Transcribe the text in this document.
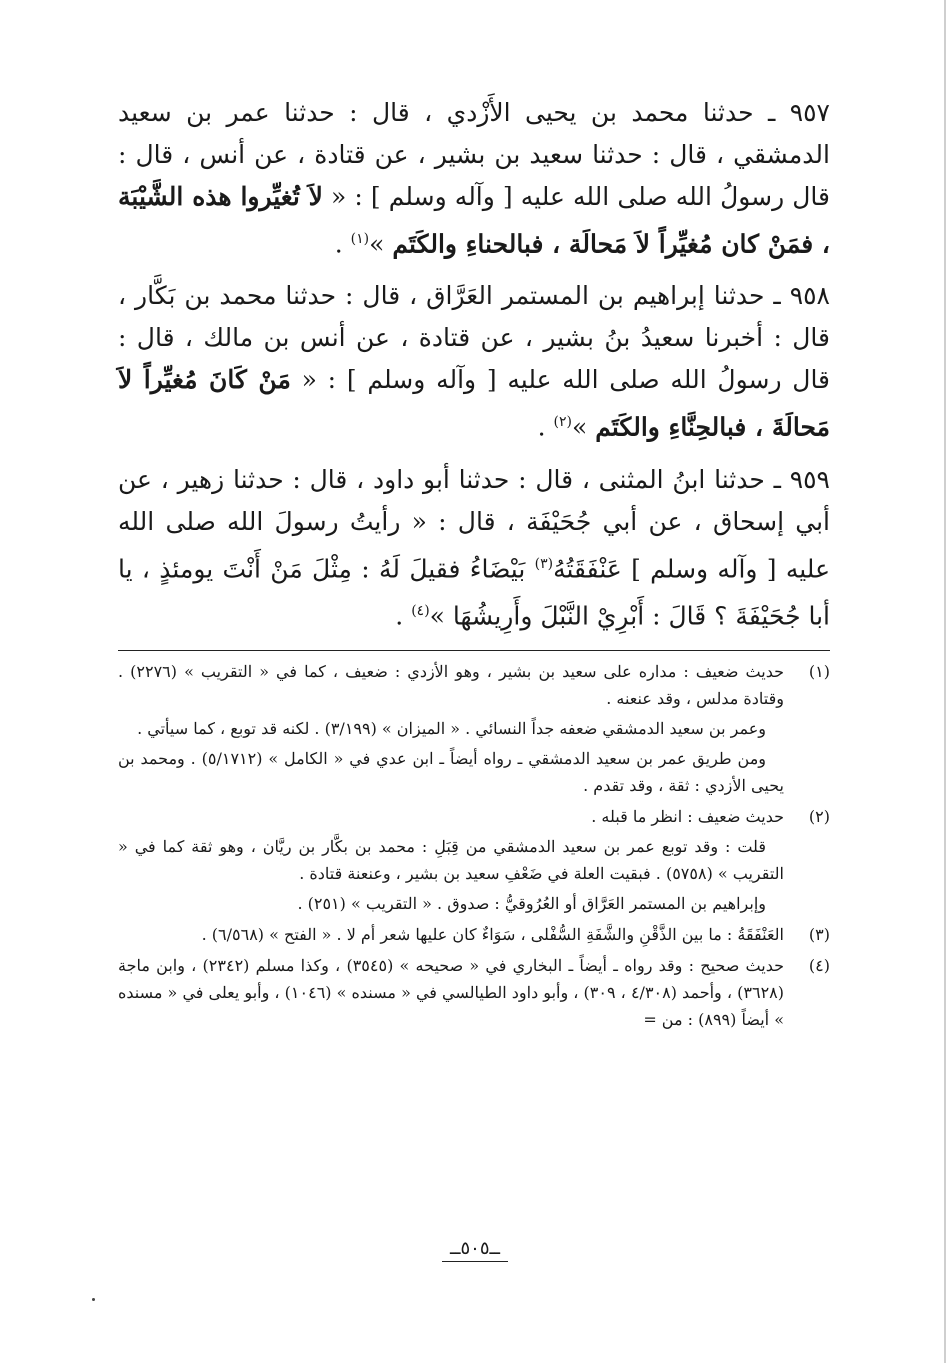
٩٥٧ ـ حدثنا محمد بن يحيى الأَزْدي ، قال : حدثنا عمر بن سعيد الدمشقي ، قال : حدثنا سعيد بن بشير ، عن قتادة ، عن أنس ، قال : قال رسولُ الله صلى الله عليه [ وآله وسلم ] : « لاَ تُغيِّروا هذه الشَّيْبَة ، فمَنْ كان مُغيِّراً لاَ مَحالَة ، فبالحناءِ والكَتَم »$^{(١)}$ .

٩٥٨ ـ حدثنا إبراهيم بن المستمر العَرَّاق ، قال : حدثنا محمد بن بَكَّار ، قال : أخبرنا سعيدُ بنُ بشير ، عن قتادة ، عن أنس بن مالك ، قال : قال رسولُ الله صلى الله عليه [ وآله وسلم ] : « مَنْ كَانَ مُغيِّراً لاَ مَحالَةَ ، فبالحِنَّاءِ والكَتَم »$^{(٢)}$ .

٩٥٩ ـ حدثنا ابنُ المثنى ، قال : حدثنا أبو داود ، قال : حدثنا زهير ، عن أبي إسحاق ، عن أبي جُحَيْفَة ، قال : « رأيتُ رسولَ الله صلى الله عليه [ وآله وسلم ] عَنْفَقَتُهُ$^{(٣)}$ بَيْضَاءُ فقيلَ لَهُ : مِثْلَ مَنْ أَنْتَ يومئذٍ ، يا أبا جُحَيْفَةَ ؟ قَالَ : أَبْرِيْ النَّبْلَ وأَرِيشُهَا »$^{(٤)}$ .

(١)

حديث ضعيف : مداره على سعيد بن بشير ، وهو الأزدي : ضعيف ، كما في « التقريب » (٢٢٧٦) . وقتادة مدلس ، وقد عنعنه .

وعمر بن سعيد الدمشقي ضعفه جداً النسائي . « الميزان » (٣/١٩٩) . لكنه قد توبع ، كما سيأتي .

ومن طريق عمر بن سعيد الدمشقي ـ رواه أيضاً ـ ابن عدي في « الكامل » (٥/١٧١٢) . ومحمد بن يحيى الأزدي : ثقة ، وقد تقدم .

(٢)

حديث ضعيف : انظر ما قبله .

قلت : وقد توبع عمر بن سعيد الدمشقي من قِبَلِ : محمد بن بكَّار بن ريَّان ، وهو ثقة كما في « التقريب » (٥٧٥٨) . فبقيت العلة في ضَعْفِ سعيد بن بشير ، وعنعنة قتادة .

وإبراهيم بن المستمر العَرَّاق أو العُرُوقيُّ : صدوق . « التقريب » (٢٥١) .

(٣)

العَنْفَقَةُ : ما بين الذَّقْنِ والشَّفَةِ السُّفْلى ، سَوَاءٌ كان عليها شعر أم لا . « الفتح » (٦/٥٦٨) .

(٤)

حديث صحيح : وقد رواه ـ أيضاً ـ البخاري في « صحيحه » (٣٥٤٥) ، وكذا مسلم (٢٣٤٢) ، وابن ماجة (٣٦٢٨) ، وأحمد (٤/٣٠٨ ، ٣٠٩) ، وأبو داود الطيالسي في « مسنده » (١٠٤٦) ، وأبو يعلى في « مسنده » أيضاً (٨٩٩) : من =

ــ٥٠٥ــ
